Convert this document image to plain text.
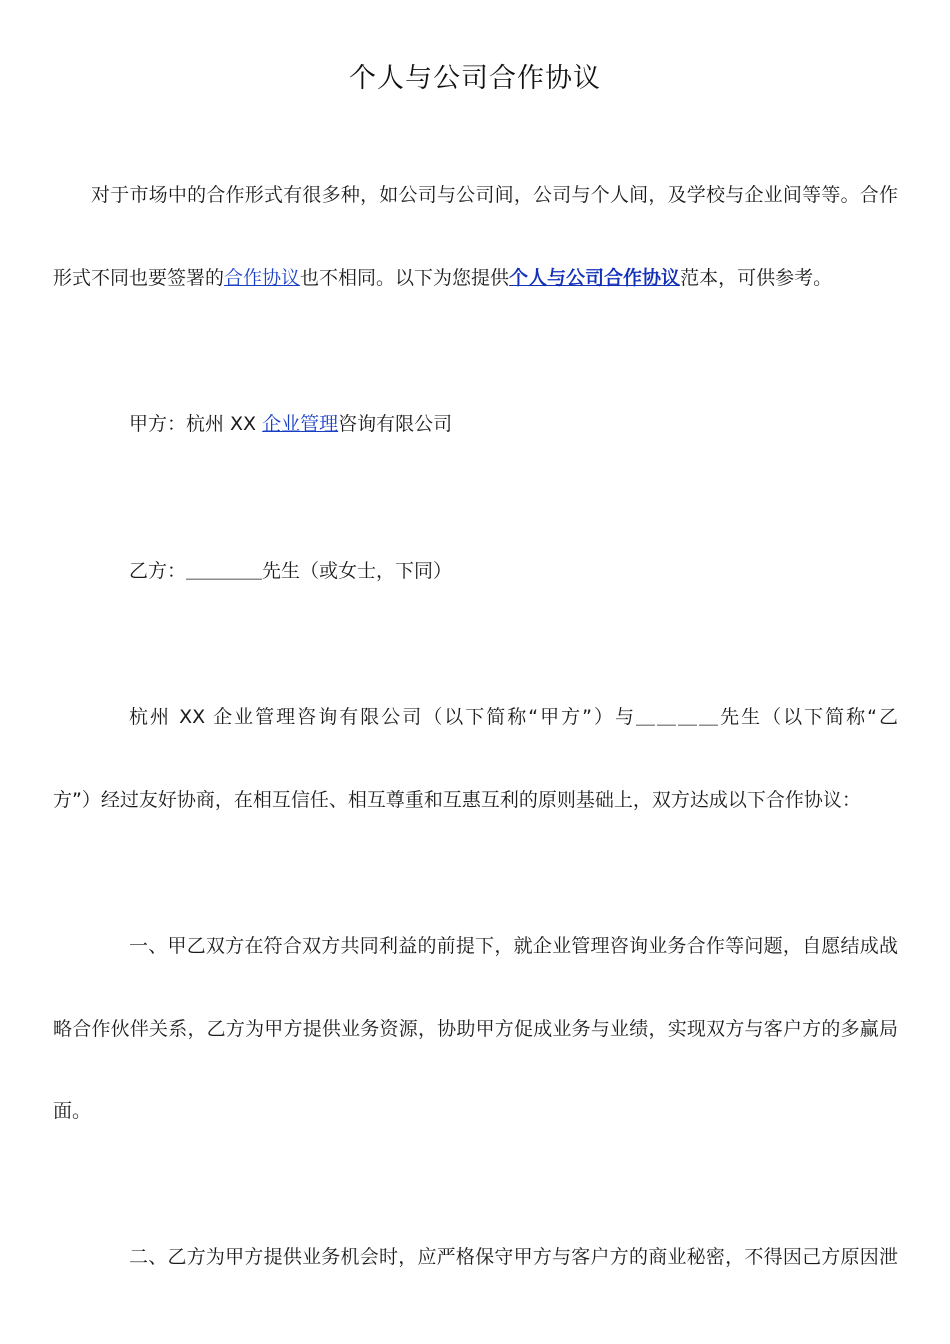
个人与公司合作协议
对于市场中的合作形式有很多种，如公司与公司间，公司与个人间，及学校与企业间等等。合作
形式不同也要签署的合作协议也不相同。以下为您提供个人与公司合作协议范本，可供参考。
甲方：杭州 XX 企业管理咨询有限公司
乙方：＿＿＿＿先生（或女士，下同）
杭州 XX 企业管理咨询有限公司（以下简称“甲方”）与＿＿＿＿先生（以下简称“乙
方”）经过友好协商，在相互信任、相互尊重和互惠互利的原则基础上，双方达成以下合作协议：
一、甲乙双方在符合双方共同利益的前提下，就企业管理咨询业务合作等问题，自愿结成战
略合作伙伴关系，乙方为甲方提供业务资源，协助甲方促成业务与业绩，实现双方与客户方的多赢局
面。
二、乙方为甲方提供业务机会时，应严格保守甲方与客户方的商业秘密，不得因己方原因泄
